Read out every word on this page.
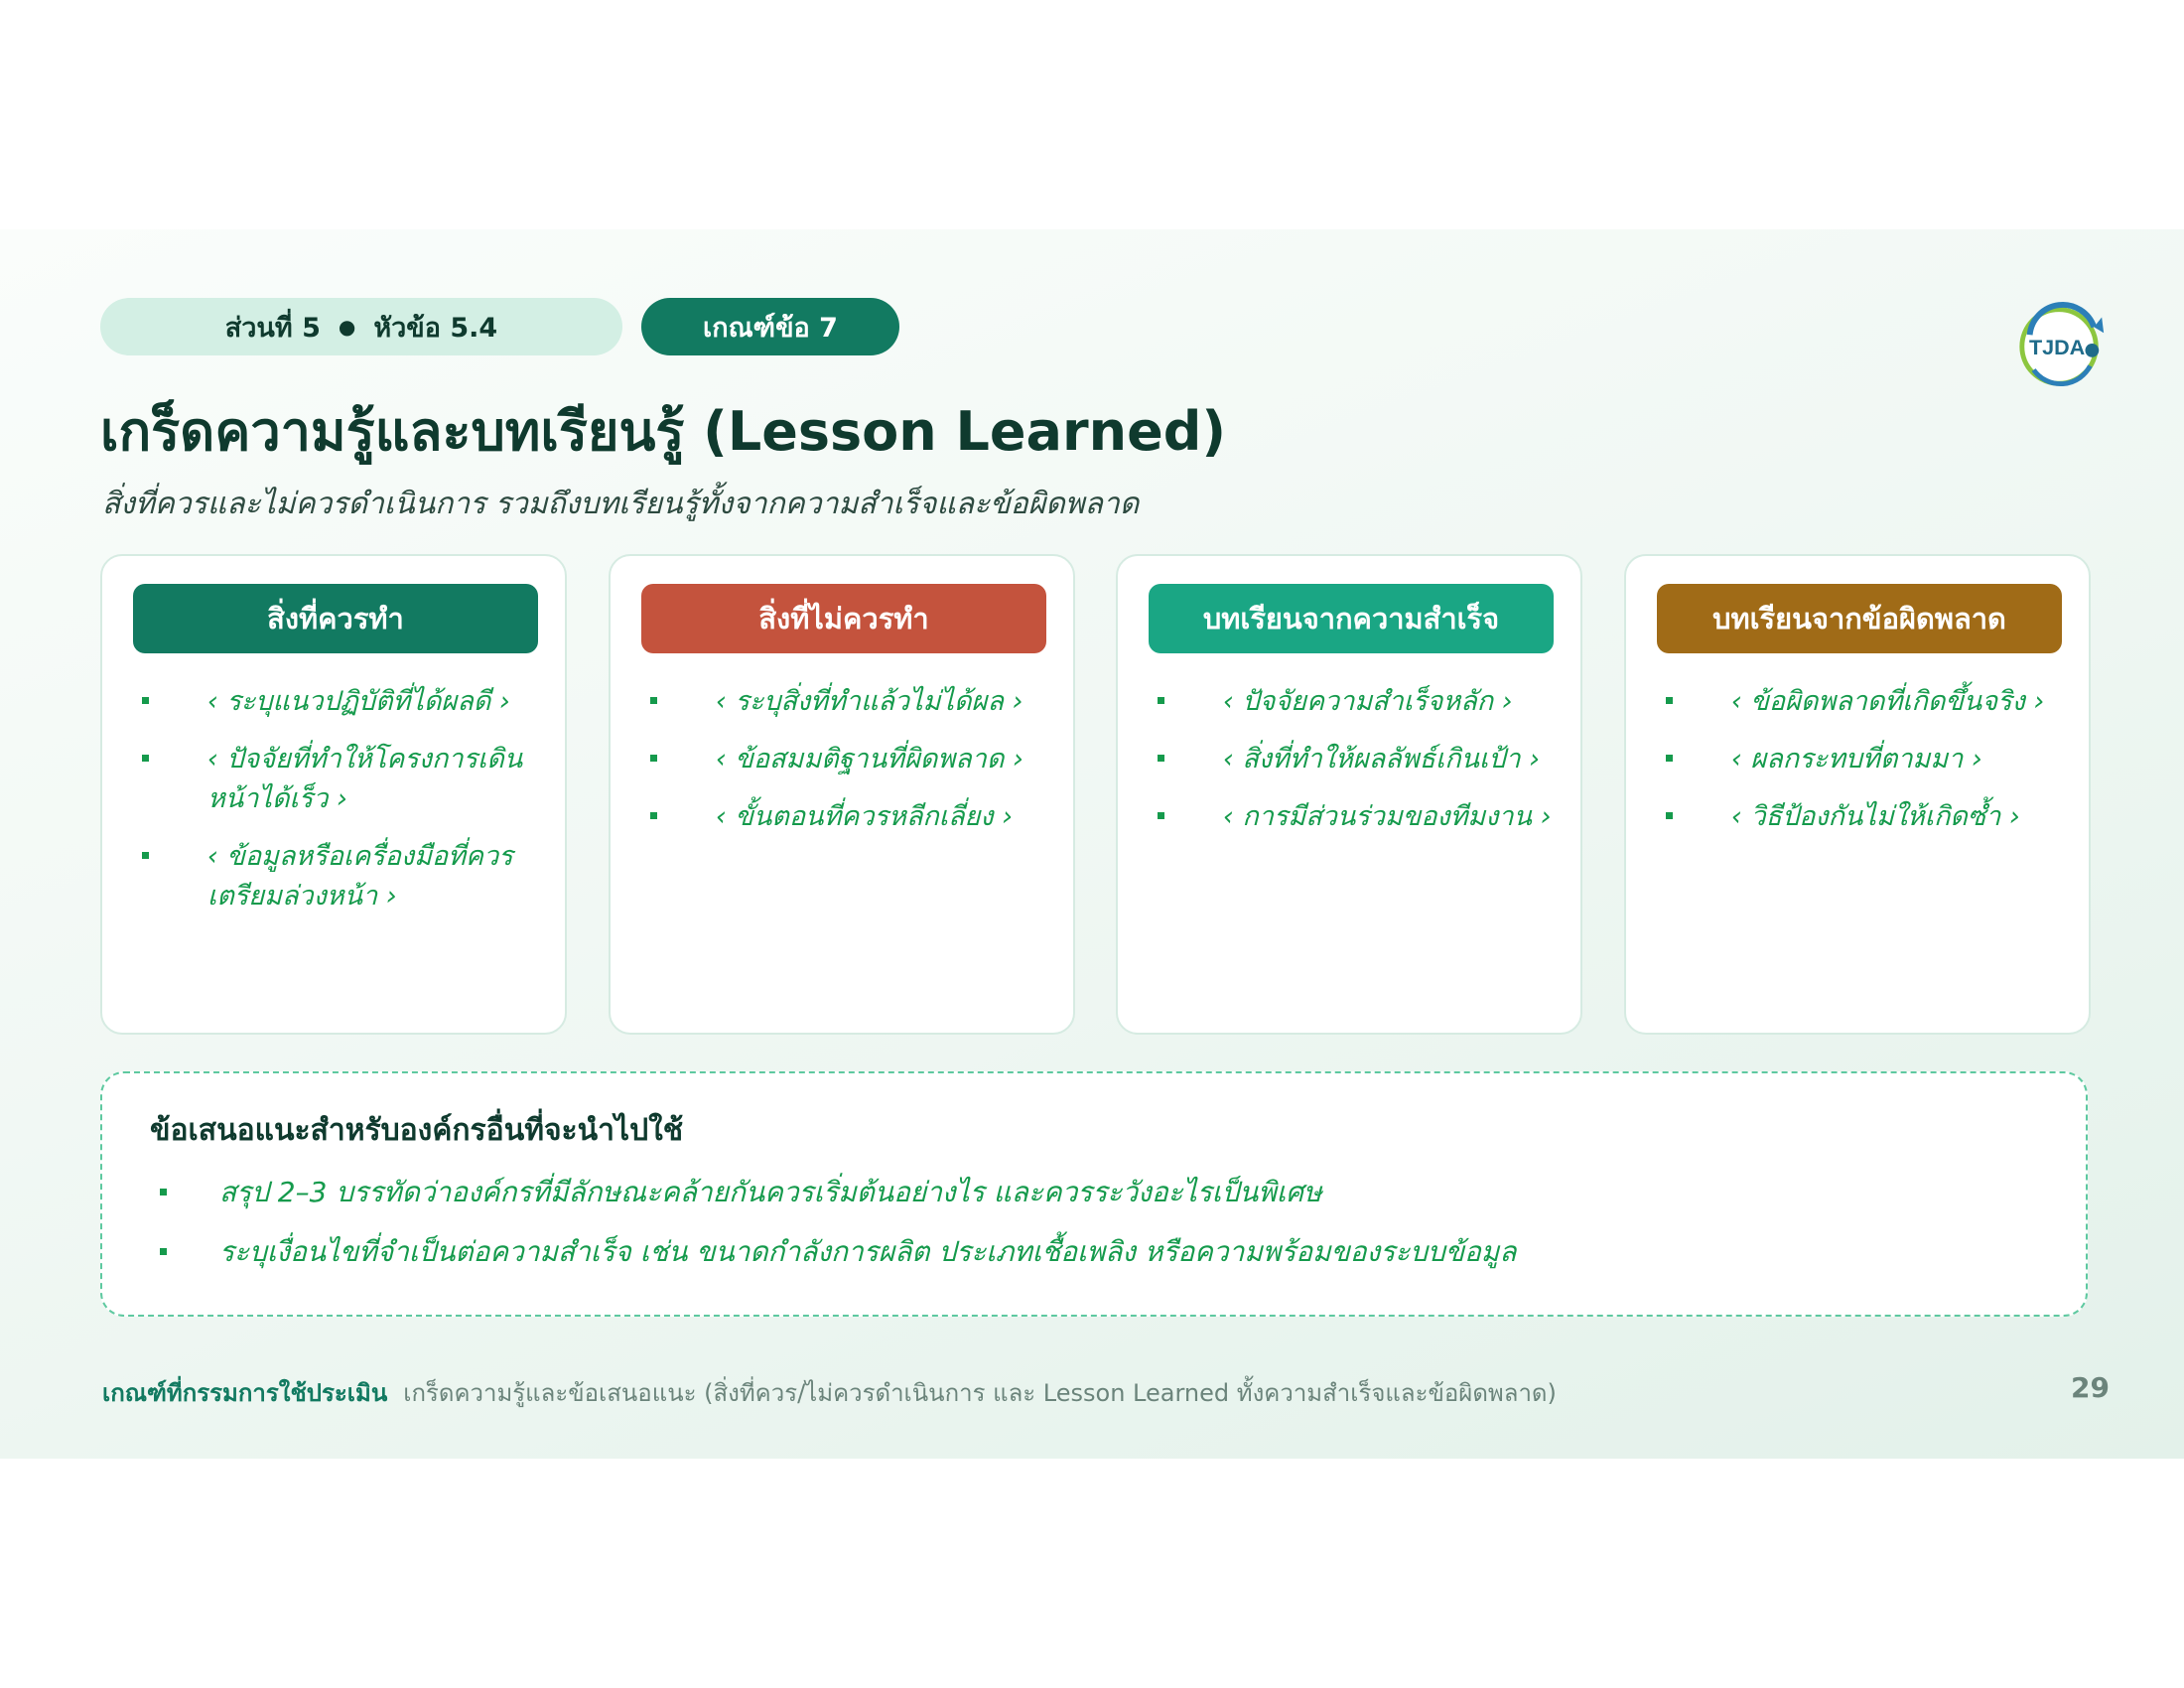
ส่วนที่ 5 ● หัวข้อ 5.4	เกณฑ์ข้อ 7
TJDA
เกร็ดความรู้และบทเรียนรู้ (Lesson Learned)

สิ่งที่ควรและไม่ควรดำเนินการ รวมถึงบทเรียนรู้ทั้งจากความสำเร็จและข้อผิดพลาด

สิ่งที่ควรทำ
‹ ระบุแนวปฏิบัติที่ได้ผลดี ›
‹ ปัจจัยที่ทำให้โครงการเดินหน้าได้เร็ว ›
‹ ข้อมูลหรือเครื่องมือที่ควรเตรียมล่วงหน้า ›
สิ่งที่ไม่ควรทำ
‹ ระบุสิ่งที่ทำแล้วไม่ได้ผล ›
‹ ข้อสมมติฐานที่ผิดพลาด ›
‹ ขั้นตอนที่ควรหลีกเลี่ยง ›
บทเรียนจากความสำเร็จ
‹ ปัจจัยความสำเร็จหลัก ›
‹ สิ่งที่ทำให้ผลลัพธ์เกินเป้า ›
‹ การมีส่วนร่วมของทีมงาน ›
บทเรียนจากข้อผิดพลาด
‹ ข้อผิดพลาดที่เกิดขึ้นจริง ›
‹ ผลกระทบที่ตามมา ›
‹ วิธีป้องกันไม่ให้เกิดซ้ำ ›
ข้อเสนอแนะสำหรับองค์กรอื่นที่จะนำไปใช้
สรุป 2–3 บรรทัดว่าองค์กรที่มีลักษณะคล้ายกันควรเริ่มต้นอย่างไร และควรระวังอะไรเป็นพิเศษ
ระบุเงื่อนไขที่จำเป็นต่อความสำเร็จ เช่น ขนาดกำลังการผลิต ประเภทเชื้อเพลิง หรือความพร้อมของระบบข้อมูล
เกณฑ์ที่กรรมการใช้ประเมิน เกร็ดความรู้และข้อเสนอแนะ (สิ่งที่ควร/ไม่ควรดำเนินการ และ Lesson Learned ทั้งความสำเร็จและข้อผิดพลาด)	29
